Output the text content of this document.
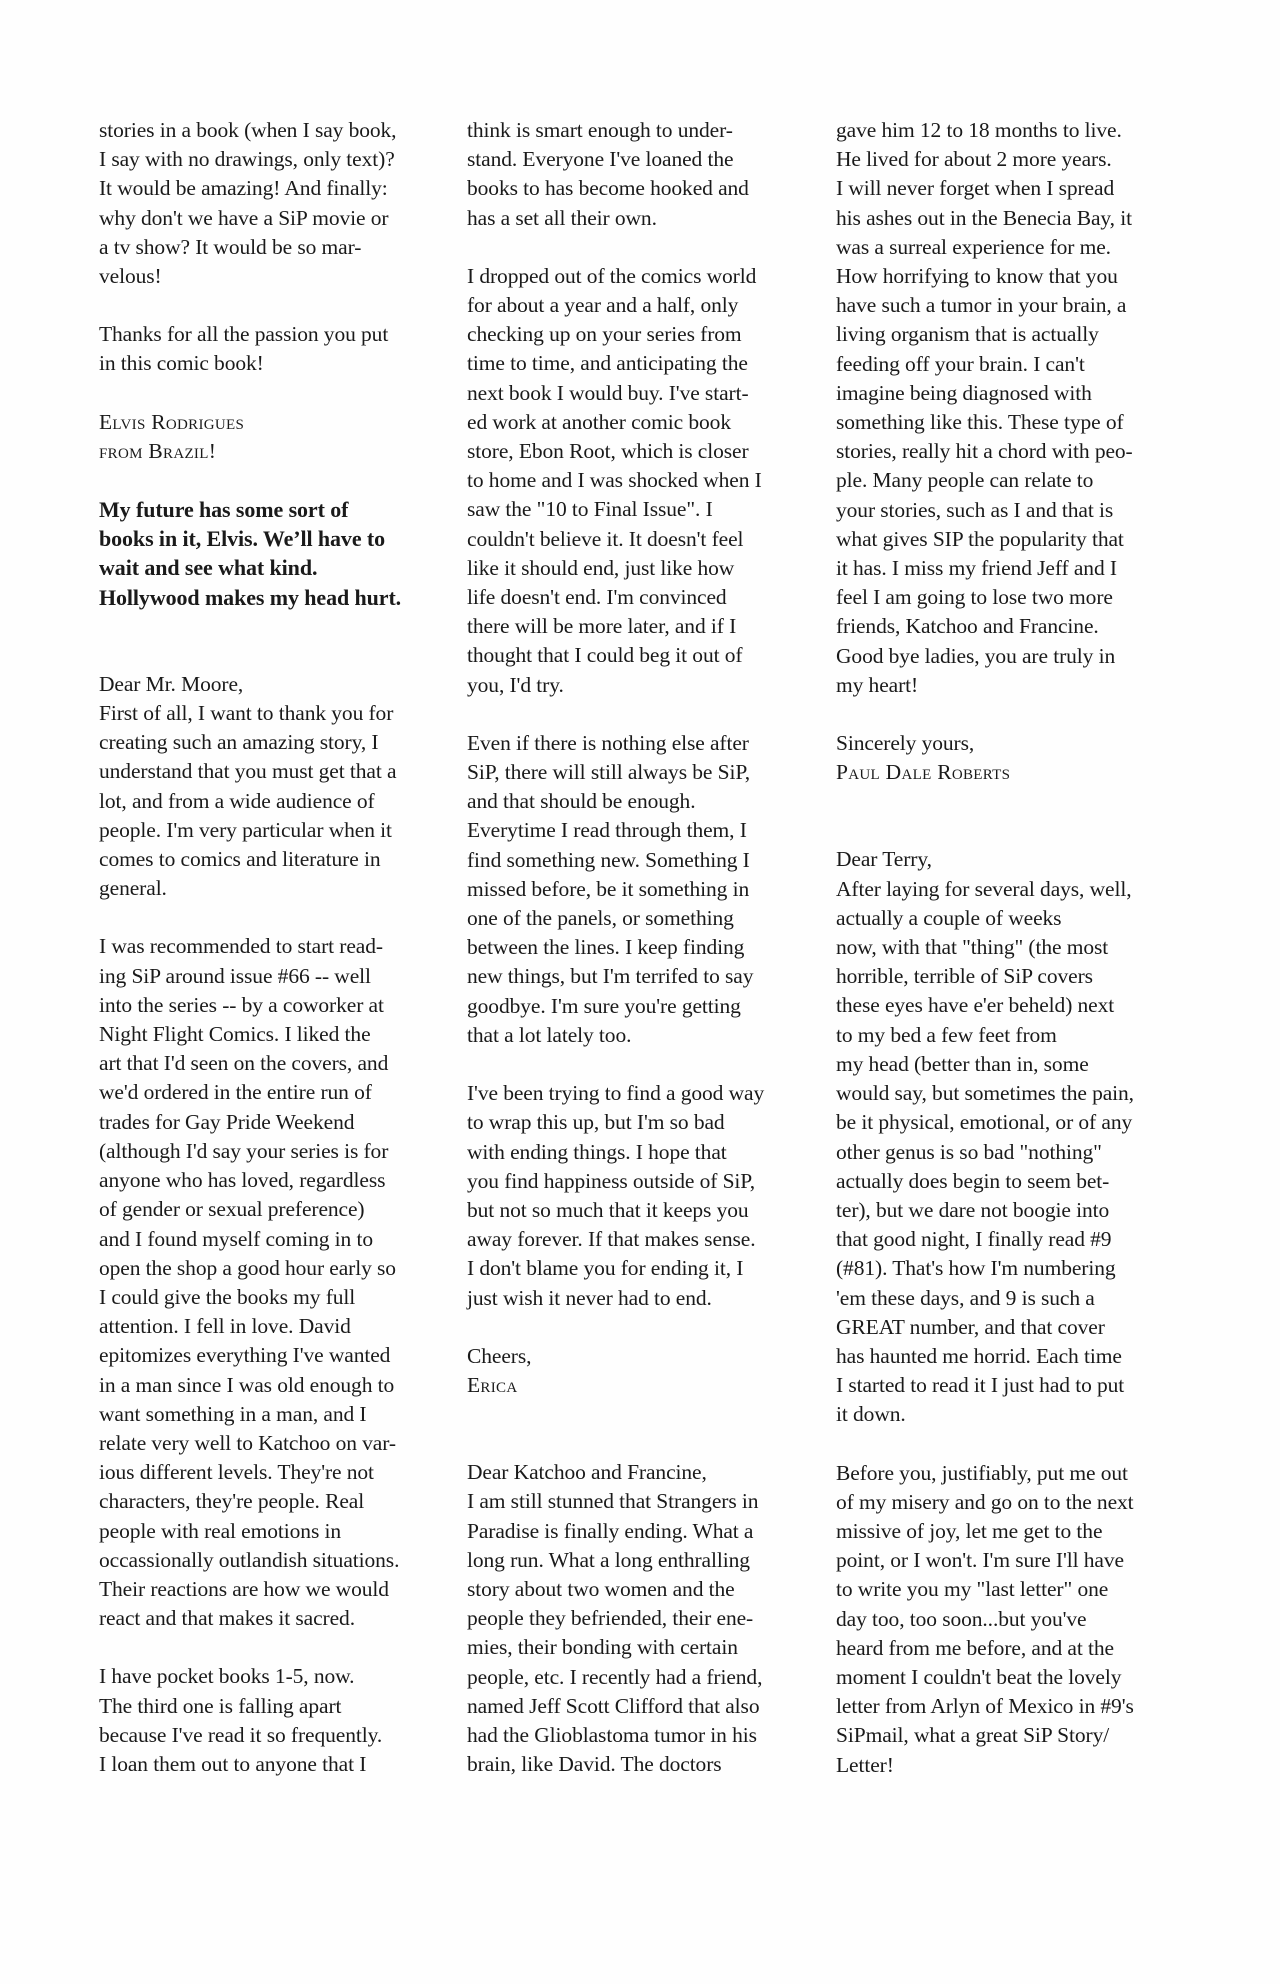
stories in a book (when I say book,
I say with no drawings, only text)?
It would be amazing! And finally:
why don't we have a SiP movie or
a tv show? It would be so mar-
velous!

Thanks for all the passion you put
in this comic book!

Elvis Rodrigues
from Brazil!

My future has some sort of
books in it, Elvis. We’ll have to
wait and see what kind.
Hollywood makes my head hurt.

Dear Mr. Moore,

First of all, I want to thank you for
creating such an amazing story, I
understand that you must get that a
lot, and from a wide audience of
people. I'm very particular when it
comes to comics and literature in
general.

I was recommended to start read-
ing SiP around issue #66 -- well
into the series -- by a coworker at
Night Flight Comics. I liked the
art that I'd seen on the covers, and
we'd ordered in the entire run of
trades for Gay Pride Weekend
(although I'd say your series is for
anyone who has loved, regardless
of gender or sexual preference)
and I found myself coming in to
open the shop a good hour early so
I could give the books my full
attention. I fell in love. David
epitomizes everything I've wanted
in a man since I was old enough to
want something in a man, and I
relate very well to Katchoo on var-
ious different levels. They're not
characters, they're people. Real
people with real emotions in
occassionally outlandish situations.
Their reactions are how we would
react and that makes it sacred.

I have pocket books 1-5, now.
The third one is falling apart
because I've read it so frequently.
I loan them out to anyone that I

think is smart enough to under-
stand. Everyone I've loaned the
books to has become hooked and
has a set all their own.

I dropped out of the comics world
for about a year and a half, only
checking up on your series from
time to time, and anticipating the
next book I would buy. I've start-
ed work at another comic book
store, Ebon Root, which is closer
to home and I was shocked when I
saw the "10 to Final Issue". I
couldn't believe it. It doesn't feel
like it should end, just like how
life doesn't end. I'm convinced
there will be more later, and if I
thought that I could beg it out of
you, I'd try.

Even if there is nothing else after
SiP, there will still always be SiP,
and that should be enough.
Everytime I read through them, I
find something new. Something I
missed before, be it something in
one of the panels, or something
between the lines. I keep finding
new things, but I'm terrifed to say
goodbye. I'm sure you're getting
that a lot lately too.

I've been trying to find a good way
to wrap this up, but I'm so bad
with ending things. I hope that
you find happiness outside of SiP,
but not so much that it keeps you
away forever. If that makes sense.
I don't blame you for ending it, I
just wish it never had to end.

Cheers,

Erica

Dear Katchoo and Francine,

I am still stunned that Strangers in
Paradise is finally ending. What a
long run. What a long enthralling
story about two women and the
people they befriended, their ene-
mies, their bonding with certain
people, etc. I recently had a friend,
named Jeff Scott Clifford that also
had the Glioblastoma tumor in his
brain, like David. The doctors

gave him 12 to 18 months to live.
He lived for about 2 more years.
I will never forget when I spread
his ashes out in the Benecia Bay, it
was a surreal experience for me.
How horrifying to know that you
have such a tumor in your brain, a
living organism that is actually
feeding off your brain. I can't
imagine being diagnosed with
something like this. These type of
stories, really hit a chord with peo-
ple. Many people can relate to
your stories, such as I and that is
what gives SIP the popularity that
it has. I miss my friend Jeff and I
feel I am going to lose two more
friends, Katchoo and Francine.
Good bye ladies, you are truly in
my heart!

Sincerely yours,

Paul Dale Roberts

Dear Terry,

After laying for several days, well,
actually a couple of weeks
now, with that "thing" (the most
horrible, terrible of SiP covers
these eyes have e'er beheld) next
to my bed a few feet from
my head (better than in, some
would say, but sometimes the pain,
be it physical, emotional, or of any
other genus is so bad "nothing"
actually does begin to seem bet-
ter), but we dare not boogie into
that good night, I finally read #9
(#81). That's how I'm numbering
'em these days, and 9 is such a
GREAT number, and that cover
has haunted me horrid. Each time
I started to read it I just had to put
it down.

Before you, justifiably, put me out
of my misery and go on to the next
missive of joy, let me get to the
point, or I won't. I'm sure I'll have
to write you my "last letter" one
day too, too soon...but you've
heard from me before, and at the
moment I couldn't beat the lovely
letter from Arlyn of Mexico in #9's
SiPmail, what a great SiP Story/
Letter!
